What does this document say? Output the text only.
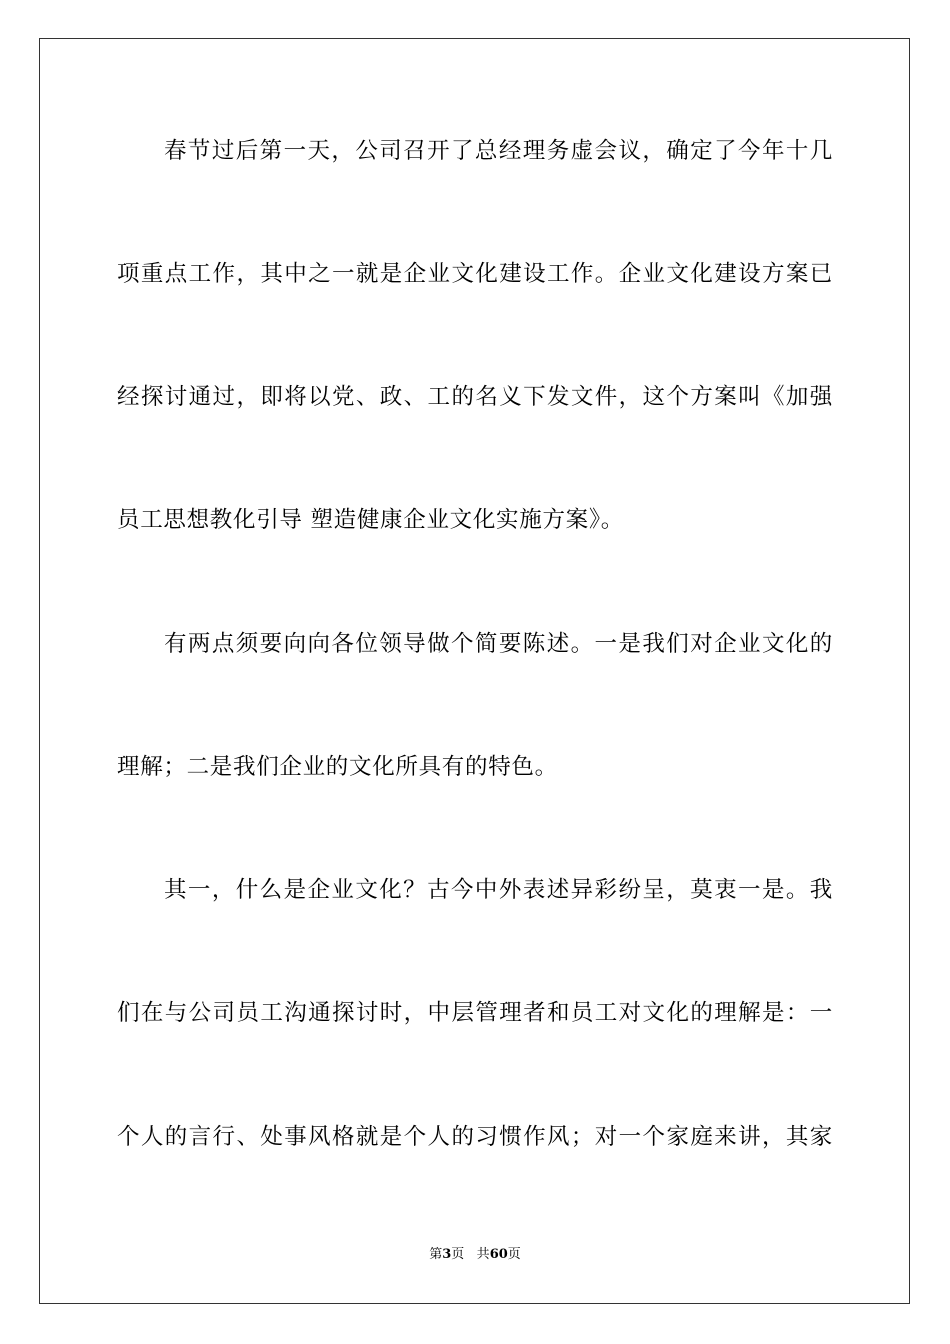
春节过后第一天，公司召开了总经理务虚会议，确定了今年十几
项重点工作，其中之一就是企业文化建设工作。企业文化建设方案已
经探讨通过，即将以党、政、工的名义下发文件，这个方案叫《加强
员工思想教化引导 塑造健康企业文化实施方案》。
有两点须要向向各位领导做个简要陈述。一是我们对企业文化的
理解；二是我们企业的文化所具有的特色。
其一，什么是企业文化？古今中外表述异彩纷呈，莫衷一是。我
们在与公司员工沟通探讨时，中层管理者和员工对文化的理解是：一
个人的言行、处事风格就是个人的习惯作风；对一个家庭来讲，其家
第3页 共60页
